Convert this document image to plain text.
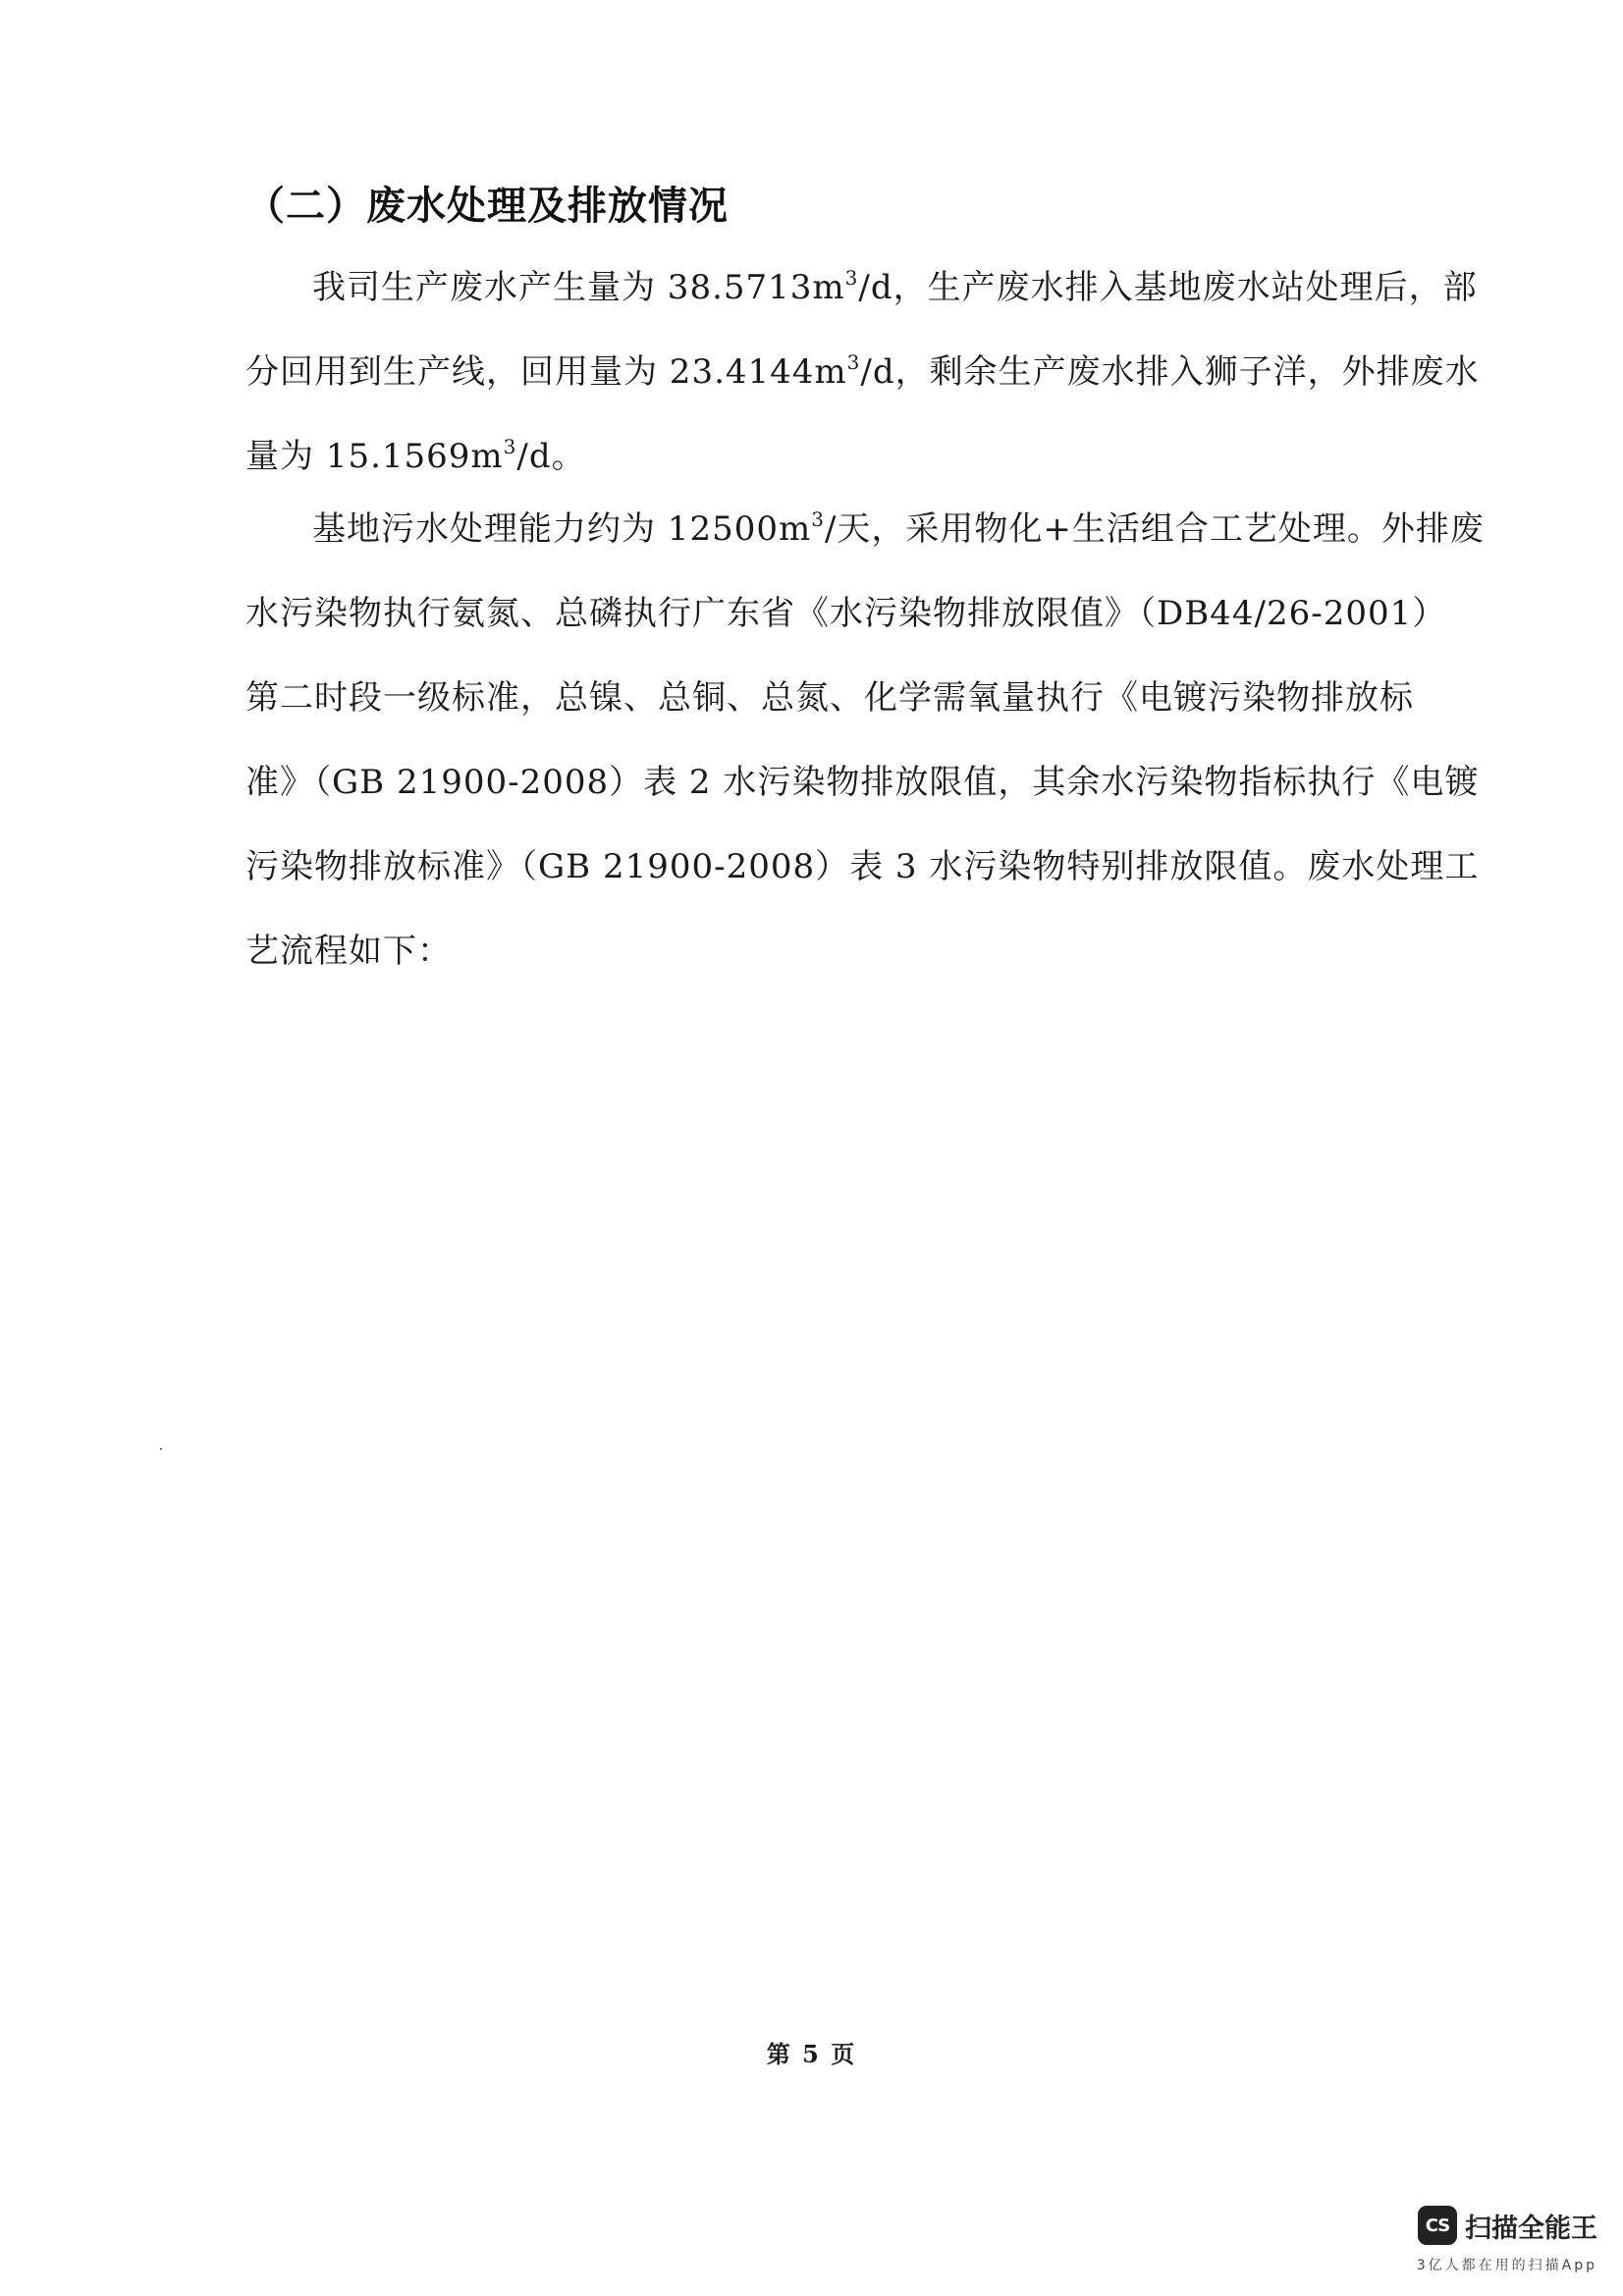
（二）废水处理及排放情况
我司生产废水产生量为 $38.5713m^3/d$，生产废水排入基地废水站处理后，部
分回用到生产线，回用量为 $23.4144m^3/d$，剩余生产废水排入狮子洋，外排废水
量为 $15.1569m^3/d$。
基地污水处理能力约为 $12500m^3/$天，采用物化+生活组合工艺处理。外排废
水污染物执行氨氮、总磷执行广东省《水污染物排放限值》（DB44/26-2001）
第二时段一级标准，总镍、总铜、总氮、化学需氧量执行《电镀污染物排放标
准》（GB 21900-2008）表 2 水污染物排放限值，其余水污染物指标执行《电镀
污染物排放标准》（GB 21900-2008）表 3 水污染物特别排放限值。废水处理工
艺流程如下：
第 5 页
CS 扫描全能王
3亿人都在用的扫描App
